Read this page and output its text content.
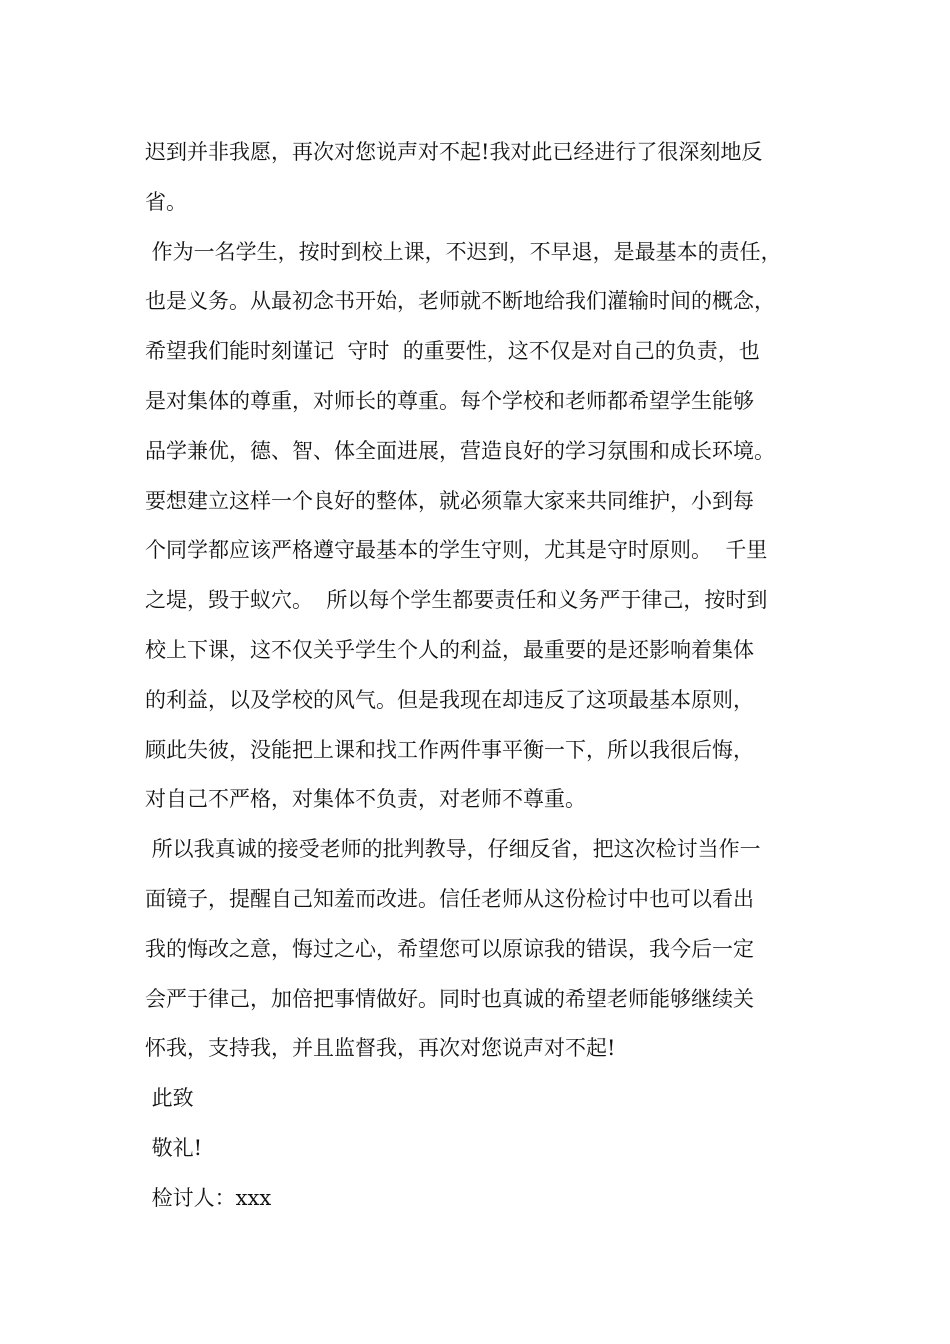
迟到并非我愿，再次对您说声对不起!我对此已经进行了很深刻地反
省。
作为一名学生，按时到校上课，不迟到，不早退，是最基本的责任，
也是义务。从最初念书开始，老师就不断地给我们灌输时间的概念，
希望我们能时刻谨记  守时  的重要性，这不仅是对自己的负责，也
是对集体的尊重，对师长的尊重。每个学校和老师都希望学生能够
品学兼优，德、智、体全面进展，营造良好的学习氛围和成长环境。
要想建立这样一个良好的整体，就必须靠大家来共同维护，小到每
个同学都应该严格遵守最基本的学生守则，尤其是守时原则。  千里
之堤，毁于蚁穴。  所以每个学生都要责任和义务严于律己，按时到
校上下课，这不仅关乎学生个人的利益，最重要的是还影响着集体
的利益，以及学校的风气。但是我现在却违反了这项最基本原则，
顾此失彼，没能把上课和找工作两件事平衡一下，所以我很后悔，
对自己不严格，对集体不负责，对老师不尊重。
所以我真诚的接受老师的批判教导，仔细反省，把这次检讨当作一
面镜子，提醒自己知羞而改进。信任老师从这份检讨中也可以看出
我的悔改之意，悔过之心，希望您可以原谅我的错误，我今后一定
会严于律己，加倍把事情做好。同时也真诚的希望老师能够继续关
怀我，支持我，并且监督我，再次对您说声对不起!
此致
敬礼!
检讨人：xxx
